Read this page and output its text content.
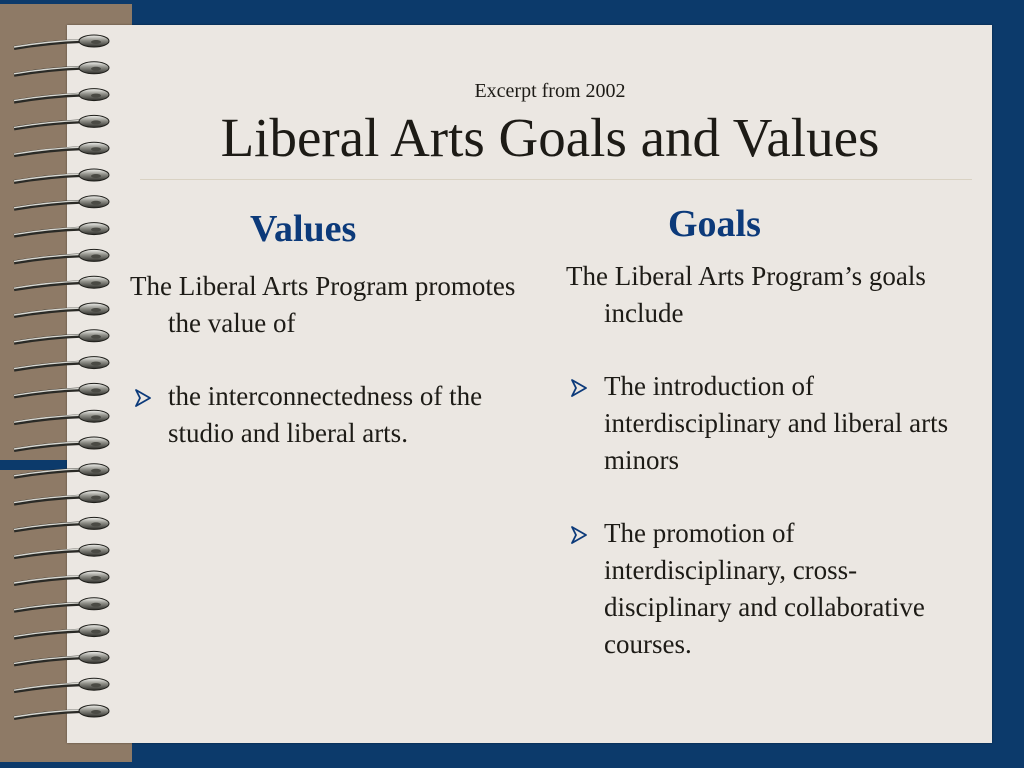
Excerpt from 2002
Liberal Arts Goals and Values
Values
The Liberal Arts Program promotes the value of
the interconnectedness of the studio and liberal arts.
Goals
The Liberal Arts Program’s goals include
The introduction of interdisciplinary and liberal arts minors
The promotion of interdisciplinary, cross-disciplinary and collaborative courses.
